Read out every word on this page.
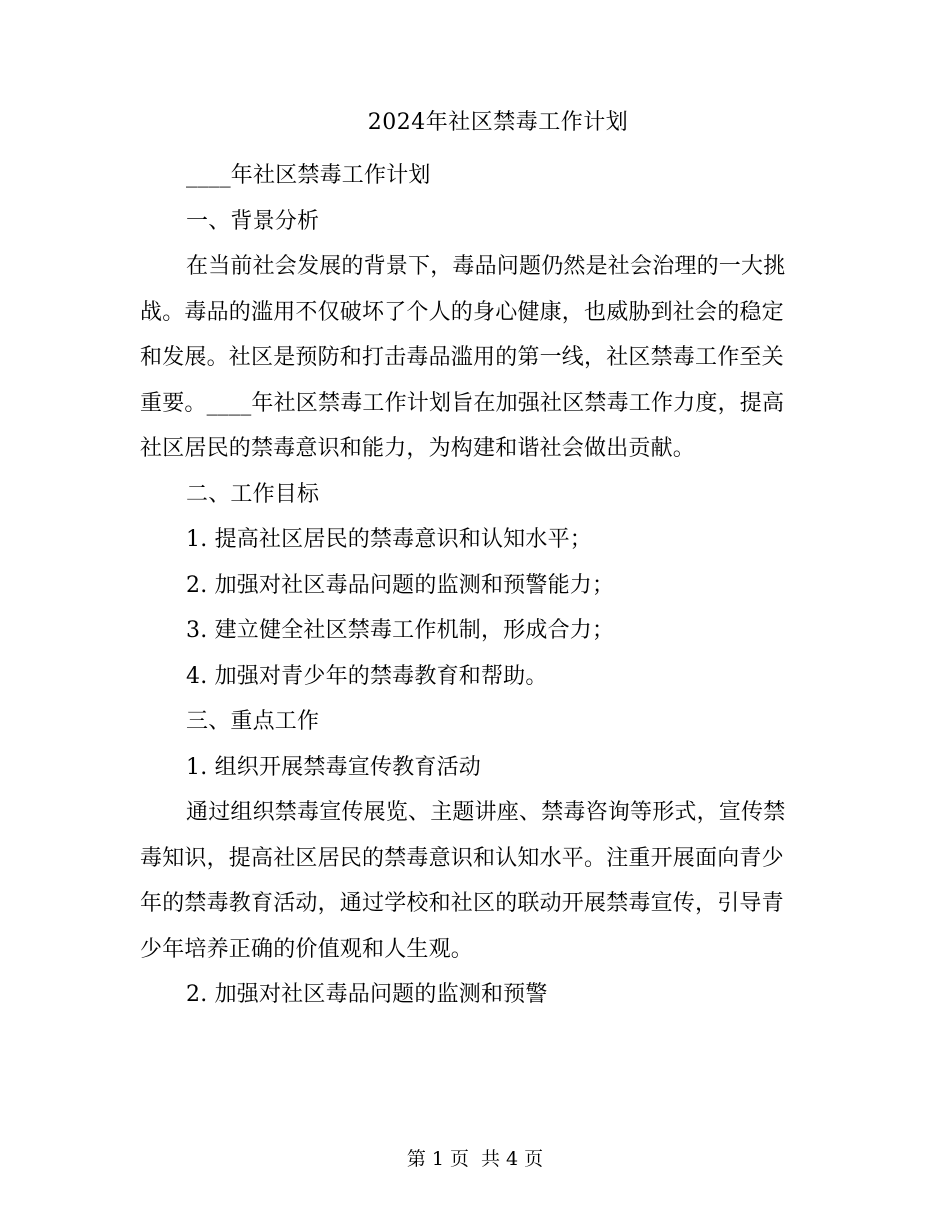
2024年社区禁毒工作计划

____年社区禁毒工作计划

一、背景分析

在当前社会发展的背景下，毒品问题仍然是社会治理的一大挑战。毒品的滥用不仅破坏了个人的身心健康，也威胁到社会的稳定和发展。社区是预防和打击毒品滥用的第一线，社区禁毒工作至关重要。____年社区禁毒工作计划旨在加强社区禁毒工作力度，提高社区居民的禁毒意识和能力，为构建和谐社会做出贡献。

二、工作目标

1. 提高社区居民的禁毒意识和认知水平；

2. 加强对社区毒品问题的监测和预警能力；

3. 建立健全社区禁毒工作机制，形成合力；

4. 加强对青少年的禁毒教育和帮助。

三、重点工作

1. 组织开展禁毒宣传教育活动

通过组织禁毒宣传展览、主题讲座、禁毒咨询等形式，宣传禁毒知识，提高社区居民的禁毒意识和认知水平。注重开展面向青少年的禁毒教育活动，通过学校和社区的联动开展禁毒宣传，引导青少年培养正确的价值观和人生观。

2. 加强对社区毒品问题的监测和预警

第 1 页 共 4 页
